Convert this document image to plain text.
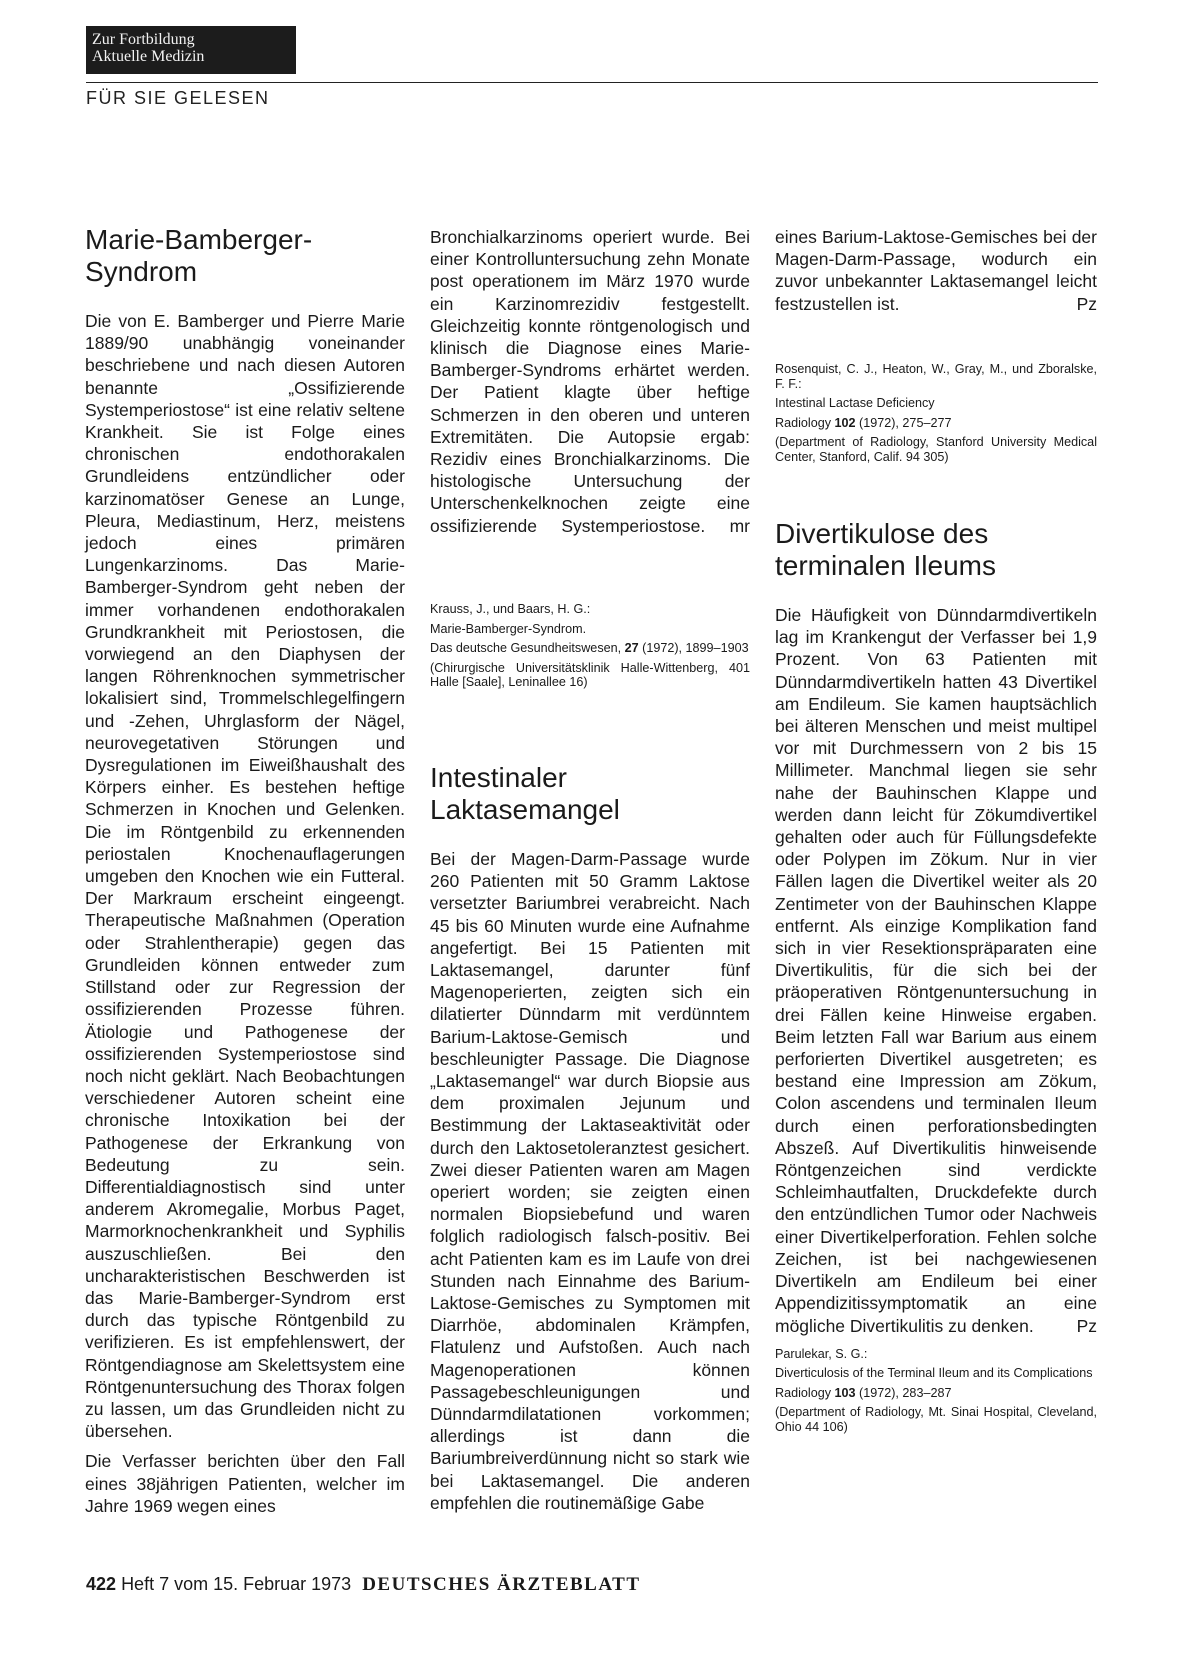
Zur Fortbildung
Aktuelle Medizin
FÜR SIE GELESEN
Marie-Bamberger-
Syndrom

Die von E. Bamberger und Pierre Marie 1889/90 unabhängig voneinander beschriebene und nach diesen Autoren benannte „Ossifizierende Systemperiostose“ ist eine relativ seltene Krankheit. Sie ist Folge eines chronischen endothorakalen Grundleidens entzündlicher oder karzinomatöser Genese an Lunge, Pleura, Mediastinum, Herz, meistens jedoch eines primären Lungenkarzinoms. Das Marie-Bamberger-Syndrom geht neben der immer vorhandenen endothorakalen Grundkrankheit mit Periostosen, die vorwiegend an den Diaphysen der langen Röhrenknochen symmetrischer lokalisiert sind, Trommelschlegelfingern und -Zehen, Uhrglasform der Nägel, neurovegetativen Störungen und Dysregulationen im Eiweißhaushalt des Körpers einher. Es bestehen heftige Schmerzen in Knochen und Gelenken. Die im Röntgenbild zu erkennenden periostalen Knochenauflagerungen umgeben den Knochen wie ein Futteral. Der Markraum erscheint eingeengt. Therapeutische Maßnahmen (Operation oder Strahlentherapie) gegen das Grundleiden können entweder zum Stillstand oder zur Regression der ossifizierenden Prozesse führen. Ätiologie und Pathogenese der ossifizierenden Systemperiostose sind noch nicht geklärt. Nach Beobachtungen verschiedener Autoren scheint eine chronische Intoxikation bei der Pathogenese der Erkrankung von Bedeutung zu sein. Differentialdiagnostisch sind unter anderem Akromegalie, Morbus Paget, Marmorknochenkrankheit und Syphilis auszuschließen. Bei den uncharakteristischen Beschwerden ist das Marie-Bamberger-Syndrom erst durch das typische Röntgenbild zu verifizieren. Es ist empfehlenswert, der Röntgendiagnose am Skelettsystem eine Röntgenuntersuchung des Thorax folgen zu lassen, um das Grundleiden nicht zu übersehen.

Die Verfasser berichten über den Fall eines 38jährigen Patienten, welcher im Jahre 1969 wegen eines

Krauss, J., und Baars, H. G.:

Marie-Bamberger-Syndrom.

Das deutsche Gesundheitswesen, 27 (1972), 1899–1903

(Chirurgische Universitätsklinik Halle-Wittenberg, 401 Halle [Saale], Leninallee 16)

Intestinaler
Laktasemangel

Bei der Magen-Darm-Passage wurde 260 Patienten mit 50 Gramm Laktose versetzter Bariumbrei verabreicht. Nach 45 bis 60 Minuten wurde eine Aufnahme angefertigt. Bei 15 Patienten mit Laktasemangel, darunter fünf Magenoperierten, zeigten sich ein dilatierter Dünndarm mit verdünntem Barium-Laktose-Gemisch und beschleunigter Passage. Die Diagnose „Laktasemangel“ war durch Biopsie aus dem proximalen Jejunum und Bestimmung der Laktaseaktivität oder durch den Laktosetoleranztest gesichert. Zwei dieser Patienten waren am Magen operiert worden; sie zeigten einen normalen Biopsiebefund und waren folglich radiologisch falsch-positiv. Bei acht Patienten kam es im Laufe von drei Stunden nach Einnahme des Barium-Laktose-Gemisches zu Symptomen mit Diarrhöe, abdominalen Krämpfen, Flatulenz und Aufstoßen. Auch nach Magenoperationen können Passagebeschleunigungen und Dünndarmdilatationen vorkommen; allerdings ist dann die Bariumbreiverdünnung nicht so stark wie bei Laktasemangel. Die anderen empfehlen die routinemäßige Gabe

Rosenquist, C. J., Heaton, W., Gray, M., und Zboralske, F. F.:

Intestinal Lactase Deficiency

Radiology 102 (1972), 275–277

(Department of Radiology, Stanford University Medical Center, Stanford, Calif. 94 305)

Divertikulose des
terminalen Ileums

Die Häufigkeit von Dünndarmdivertikeln lag im Krankengut der Verfasser bei 1,9 Prozent. Von 63 Patienten mit Dünndarmdivertikeln hatten 43 Divertikel am Endileum. Sie kamen hauptsächlich bei älteren Menschen und meist multipel vor mit Durchmessern von 2 bis 15 Millimeter. Manchmal liegen sie sehr nahe der Bauhinschen Klappe und werden dann leicht für Zökumdivertikel gehalten oder auch für Füllungsdefekte oder Polypen im Zökum. Nur in vier Fällen lagen die Divertikel weiter als 20 Zentimeter von der Bauhinschen Klappe entfernt. Als einzige Komplikation fand sich in vier Resektionspräparaten eine Divertikulitis, für die sich bei der präoperativen Röntgenuntersuchung in drei Fällen keine Hinweise ergaben. Beim letzten Fall war Barium aus einem perforierten Divertikel ausgetreten; es bestand eine Impression am Zökum, Colon ascendens und terminalen Ileum durch einen perforationsbedingten Abszeß. Auf Divertikulitis hinweisende Röntgenzeichen sind verdickte Schleimhautfalten, Druckdefekte durch den entzündlichen Tumor oder Nachweis einer Divertikelperforation. Fehlen solche Zeichen, ist bei nachgewiesenen Divertikeln am Endileum bei einer Appendizitissymptomatik an eine mögliche Divertikulitis zu denken. Pz

Parulekar, S. G.:

Diverticulosis of the Terminal Ileum and its Complications

Radiology 103 (1972), 283–287

(Department of Radiology, Mt. Sinai Hospital, Cleveland, Ohio 44 106)

422 Heft 7 vom 15. Februar 1973 DEUTSCHES ÄRZTEBLATT

Bronchialkarzinoms operiert wurde. Bei einer Kontrolluntersuchung zehn Monate post operationem im März 1970 wurde ein Karzinomrezidiv festgestellt. Gleichzeitig konnte röntgenologisch und klinisch die Diagnose eines Marie-Bamberger-Syndroms erhärtet werden. Der Patient klagte über heftige Schmerzen in den oberen und unteren Extremitäten. Die Autopsie ergab: Rezidiv eines Bronchialkarzinoms. Die histologische Untersuchung der Unterschenkelknochen zeigte eine ossifizierende Systemperiostose. mr

eines Barium-Laktose-Gemisches bei der Magen-Darm-Passage, wodurch ein zuvor unbekannter Laktasemangel leicht festzustellen ist.	Pz
